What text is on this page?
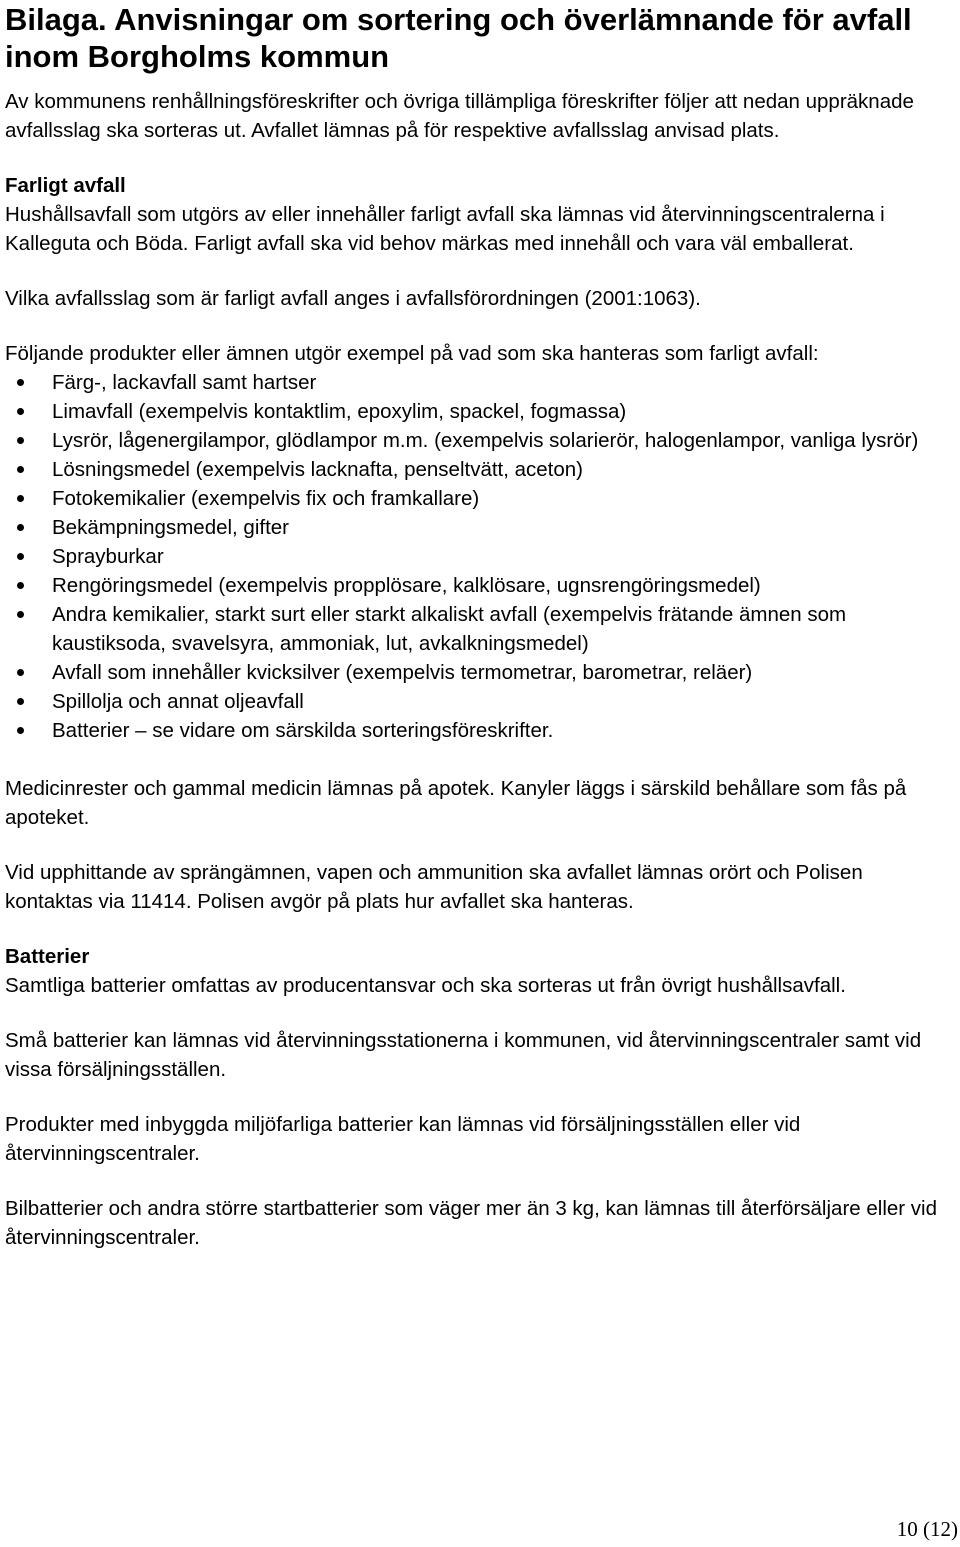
Bilaga. Anvisningar om sortering och överlämnande för avfall inom Borgholms kommun

Av kommunens renhållningsföreskrifter och övriga tillämpliga föreskrifter följer att nedan uppräknade avfallsslag ska sorteras ut. Avfallet lämnas på för respektive avfallsslag anvisad plats.

Farligt avfall

Hushållsavfall som utgörs av eller innehåller farligt avfall ska lämnas vid återvinningscentralerna i Kalleguta och Böda. Farligt avfall ska vid behov märkas med innehåll och vara väl emballerat.

Vilka avfallsslag som är farligt avfall anges i avfallsförordningen (2001:1063).

Följande produkter eller ämnen utgör exempel på vad som ska hanteras som farligt avfall:

Färg-, lackavfall samt hartser
Limavfall (exempelvis kontaktlim, epoxylim, spackel, fogmassa)
Lysrör, lågenergilampor, glödlampor m.m. (exempelvis solarierör, halogenlampor, vanliga lysrör)
Lösningsmedel (exempelvis lacknafta, penseltvätt, aceton)
Fotokemikalier (exempelvis fix och framkallare)
Bekämpningsmedel, gifter
Sprayburkar
Rengöringsmedel (exempelvis propplösare, kalklösare, ugnsrengöringsmedel)
Andra kemikalier, starkt surt eller starkt alkaliskt avfall (exempelvis frätande ämnen som kaustiksoda, svavelsyra, ammoniak, lut, avkalkningsmedel)
Avfall som innehåller kvicksilver (exempelvis termometrar, barometrar, reläer)
Spillolja och annat oljeavfall
Batterier – se vidare om särskilda sorteringsföreskrifter.

Medicinrester och gammal medicin lämnas på apotek. Kanyler läggs i särskild behållare som fås på apoteket.

Vid upphittande av sprängämnen, vapen och ammunition ska avfallet lämnas orört och Polisen kontaktas via 11414. Polisen avgör på plats hur avfallet ska hanteras.

Batterier

Samtliga batterier omfattas av producentansvar och ska sorteras ut från övrigt hushållsavfall.

Små batterier kan lämnas vid återvinningsstationerna i kommunen, vid återvinningscentraler samt vid vissa försäljningsställen.

Produkter med inbyggda miljöfarliga batterier kan lämnas vid försäljningsställen eller vid återvinningscentraler.

Bilbatterier och andra större startbatterier som väger mer än 3 kg, kan lämnas till återförsäljare eller vid återvinningscentraler.

10 (12)
